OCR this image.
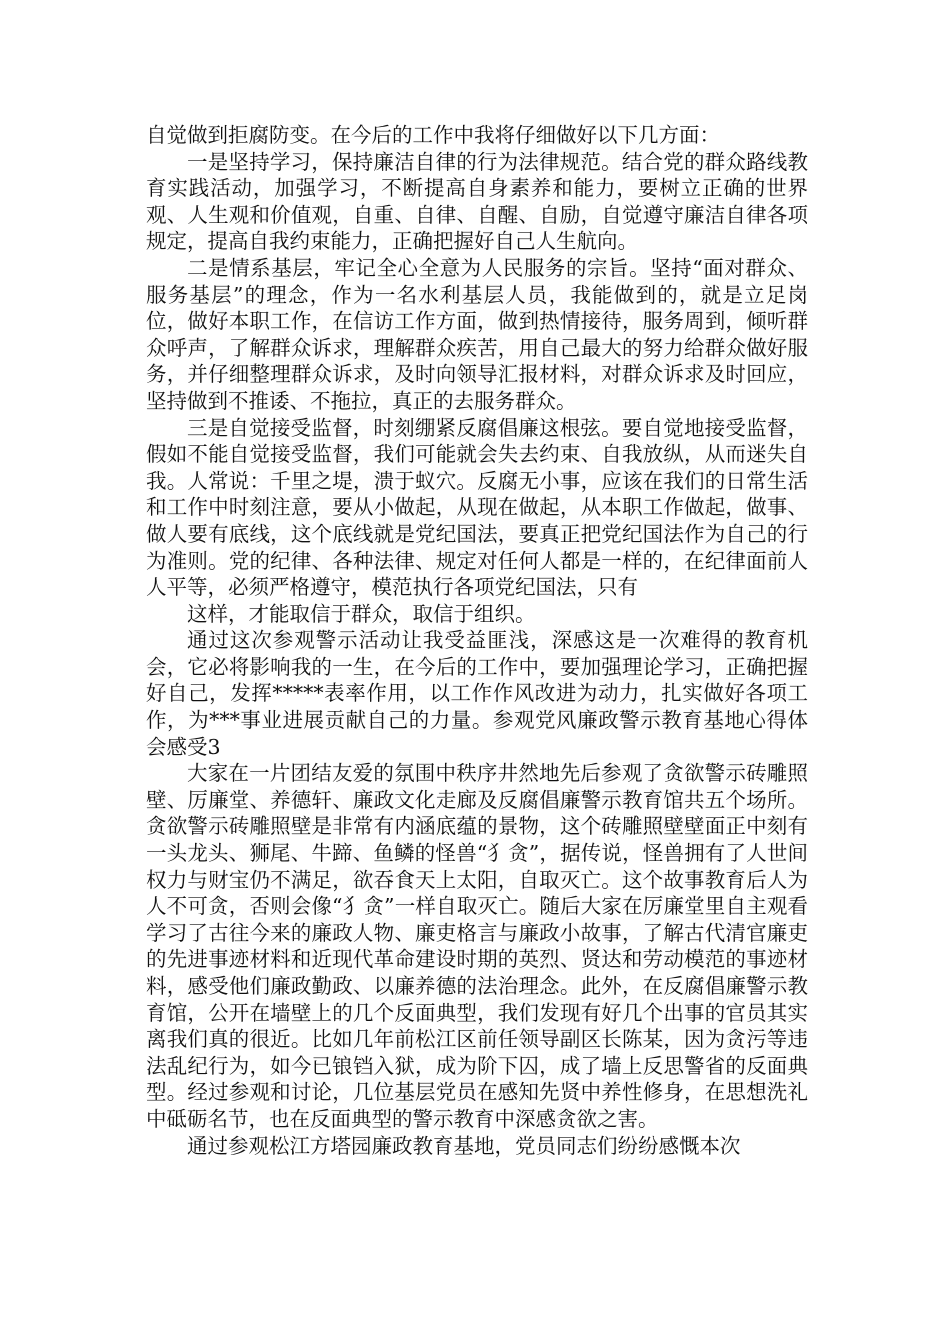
自觉做到拒腐防变。在今后的工作中我将仔细做好以下几方面：

一是坚持学习，保持廉洁自律的行为法律规范。结合党的群众路线教育实践活动，加强学习，不断提高自身素养和能力，要树立正确的世界观、人生观和价值观，自重、自律、自醒、自励，自觉遵守廉洁自律各项规定，提高自我约束能力，正确把握好自己人生航向。

二是情系基层，牢记全心全意为人民服务的宗旨。坚持“面对群众、服务基层”的理念，作为一名水利基层人员，我能做到的，就是立足岗位，做好本职工作，在信访工作方面，做到热情接待，服务周到，倾听群众呼声，了解群众诉求，理解群众疾苦，用自己最大的努力给群众做好服务，并仔细整理群众诉求，及时向领导汇报材料，对群众诉求及时回应，坚持做到不推诿、不拖拉，真正的去服务群众。

三是自觉接受监督，时刻绷紧反腐倡廉这根弦。要自觉地接受监督，假如不能自觉接受监督，我们可能就会失去约束、自我放纵，从而迷失自我。人常说：千里之堤，溃于蚁穴。反腐无小事，应该在我们的日常生活和工作中时刻注意，要从小做起，从现在做起，从本职工作做起，做事、做人要有底线，这个底线就是党纪国法，要真正把党纪国法作为自己的行为准则。党的纪律、各种法律、规定对任何人都是一样的，在纪律面前人人平等，必须严格遵守，模范执行各项党纪国法，只有

这样，才能取信于群众，取信于组织。

通过这次参观警示活动让我受益匪浅，深感这是一次难得的教育机会，它必将影响我的一生，在今后的工作中，要加强理论学习，正确把握好自己，发挥*****表率作用，以工作作风改进为动力，扎实做好各项工作，为***事业进展贡献自己的力量。参观党风廉政警示教育基地心得体会感受3

大家在一片团结友爱的氛围中秩序井然地先后参观了贪欲警示砖雕照壁、厉廉堂、养德轩、廉政文化走廊及反腐倡廉警示教育馆共五个场所。贪欲警示砖雕照壁是非常有内涵底蕴的景物，这个砖雕照壁壁面正中刻有一头龙头、狮尾、牛蹄、鱼鳞的怪兽“犭贪”，据传说，怪兽拥有了人世间权力与财宝仍不满足，欲吞食天上太阳，自取灭亡。这个故事教育后人为人不可贪，否则会像“犭贪”一样自取灭亡。随后大家在厉廉堂里自主观看学习了古往今来的廉政人物、廉吏格言与廉政小故事，了解古代清官廉吏的先进事迹材料和近现代革命建设时期的英烈、贤达和劳动模范的事迹材料，感受他们廉政勤政、以廉养德的法治理念。此外，在反腐倡廉警示教育馆，公开在墙壁上的几个反面典型，我们发现有好几个出事的官员其实离我们真的很近。比如几年前松江区前任领导副区长陈某，因为贪污等违法乱纪行为，如今已锒铛入狱，成为阶下囚，成了墙上反思警省的反面典型。经过参观和讨论，几位基层党员在感知先贤中养性修身，在思想洗礼中砥砺名节，也在反面典型的警示教育中深感贪欲之害。

通过参观松江方塔园廉政教育基地，党员同志们纷纷感慨本次
